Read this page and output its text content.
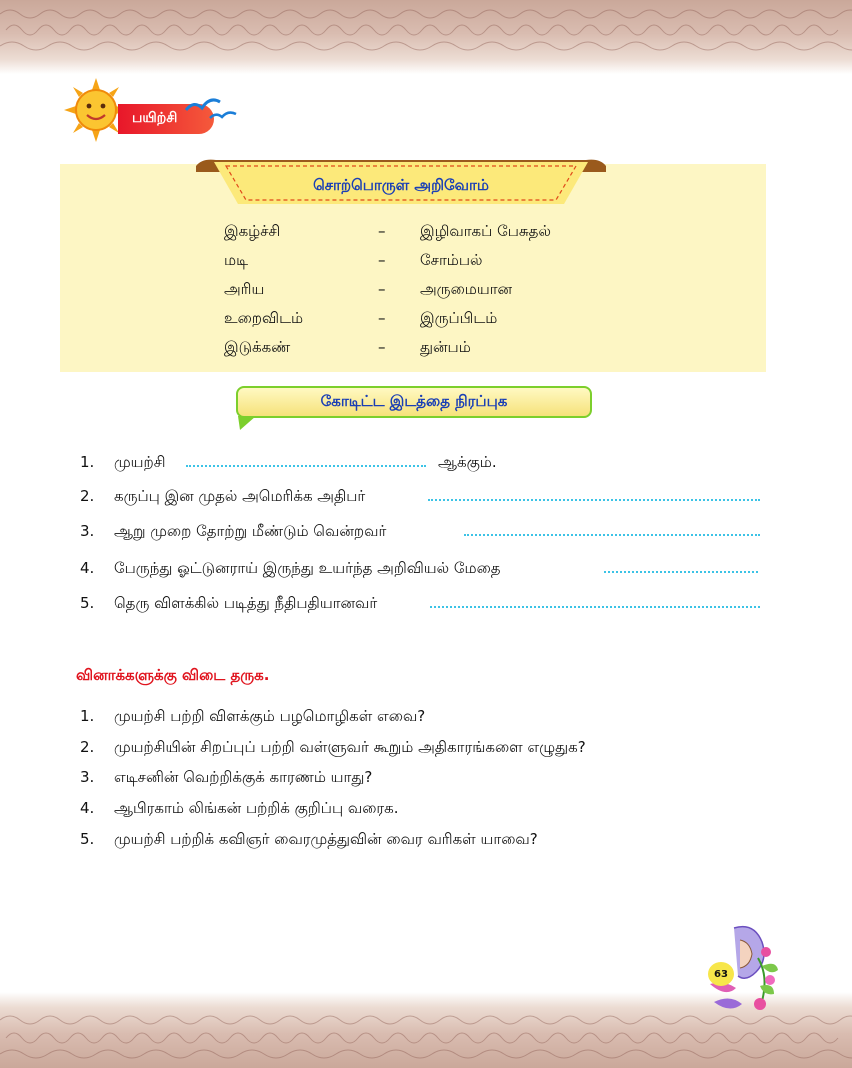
பயிற்சி
சொற்பொருள் அறிவோம்
இகழ்ச்சி	– இழிவாகப் பேசுதல்
மடி	– சோம்பல்
அரிய	– அருமையான
உறைவிடம்	– இருப்பிடம்
இடுக்கண்	– துன்பம்
கோடிட்ட இடத்தை நிரப்புக
1.	முயற்சி	ஆக்கும்.
2.	கருப்பு இன முதல் அமெரிக்க அதிபர்
3.	ஆறு முறை தோற்று மீண்டும் வென்றவர்
4.	பேருந்து ஓட்டுனராய் இருந்து உயர்ந்த அறிவியல் மேதை
5.	தெரு விளக்கில் படித்து நீதிபதியானவர்
வினாக்களுக்கு விடை தருக.
1.	முயற்சி பற்றி விளக்கும் பழமொழிகள் எவை?
2.	முயற்சியின் சிறப்புப் பற்றி வள்ளுவர் கூறும் அதிகாரங்களை எழுதுக?
3.	எடிசனின் வெற்றிக்குக் காரணம் யாது?
4.	ஆபிரகாம் லிங்கன் பற்றிக் குறிப்பு வரைக.
5.	முயற்சி பற்றிக் கவிஞர் வைரமுத்துவின் வைர வரிகள் யாவை?
63
